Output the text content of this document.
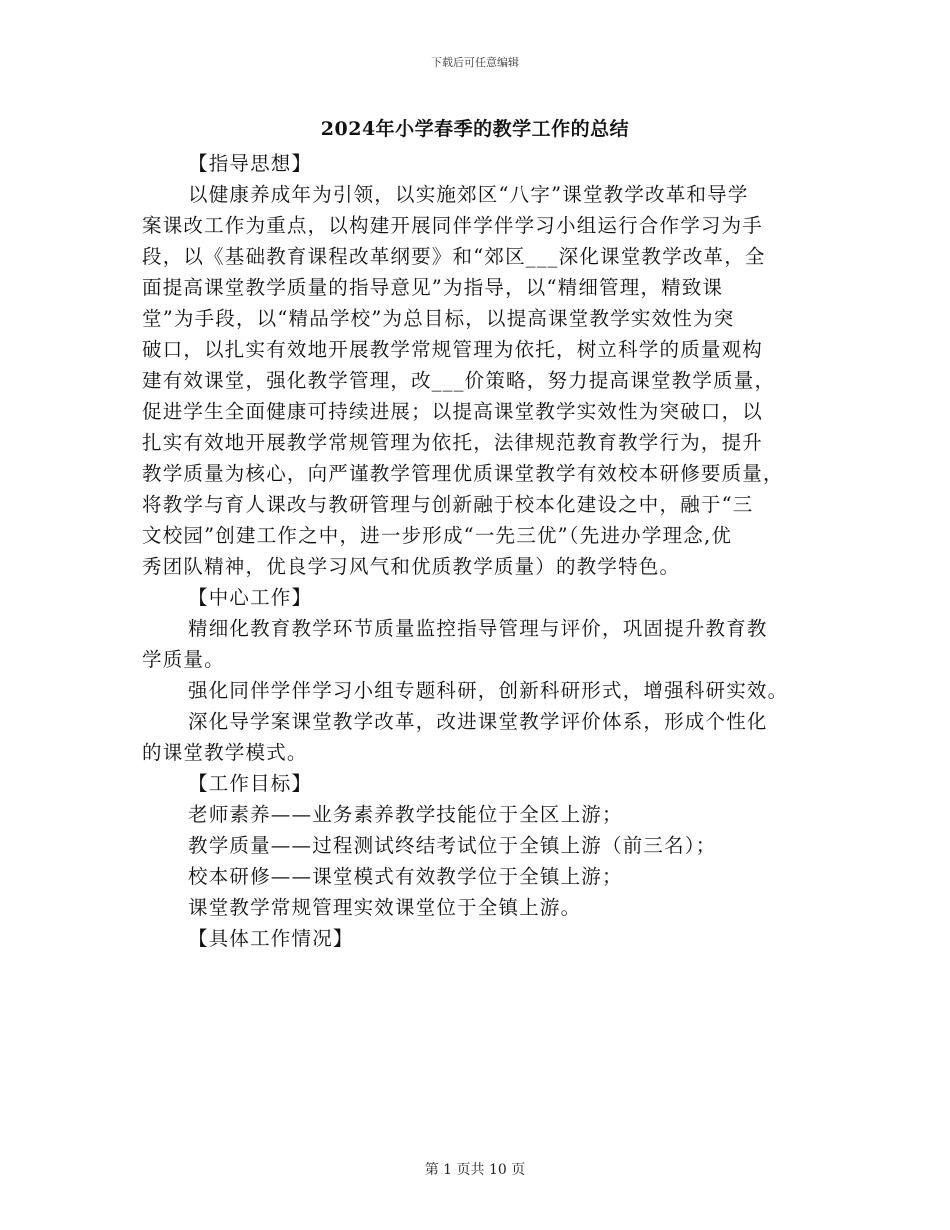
下载后可任意编辑
2024年小学春季的教学工作的总结
【指导思想】
以健康养成年为引领，以实施郊区“八字”课堂教学改革和导学
案课改工作为重点，以构建开展同伴学伴学习小组运行合作学习为手
段，以《基础教育课程改革纲要》和“郊区___深化课堂教学改革，全
面提高课堂教学质量的指导意见”为指导，以“精细管理，精致课
堂”为手段，以“精品学校”为总目标，以提高课堂教学实效性为突
破口，以扎实有效地开展教学常规管理为依托，树立科学的质量观构
建有效课堂，强化教学管理，改___价策略，努力提高课堂教学质量，
促进学生全面健康可持续进展；以提高课堂教学实效性为突破口，以
扎实有效地开展教学常规管理为依托，法律规范教育教学行为，提升
教学质量为核心，向严谨教学管理优质课堂教学有效校本研修要质量，
将教学与育人课改与教研管理与创新融于校本化建设之中，融于“三
文校园”创建工作之中，进一步形成“一先三优”（先进办学理念,优
秀团队精神，优良学习风气和优质教学质量）的教学特色。
【中心工作】
精细化教育教学环节质量监控指导管理与评价，巩固提升教育教
学质量。
强化同伴学伴学习小组专题科研，创新科研形式，增强科研实效。
深化导学案课堂教学改革，改进课堂教学评价体系，形成个性化
的课堂教学模式。
【工作目标】
老师素养——业务素养教学技能位于全区上游；
教学质量——过程测试终结考试位于全镇上游（前三名）；
校本研修——课堂模式有效教学位于全镇上游；
课堂教学常规管理实效课堂位于全镇上游。
【具体工作情况】
第 1 页共 10 页
